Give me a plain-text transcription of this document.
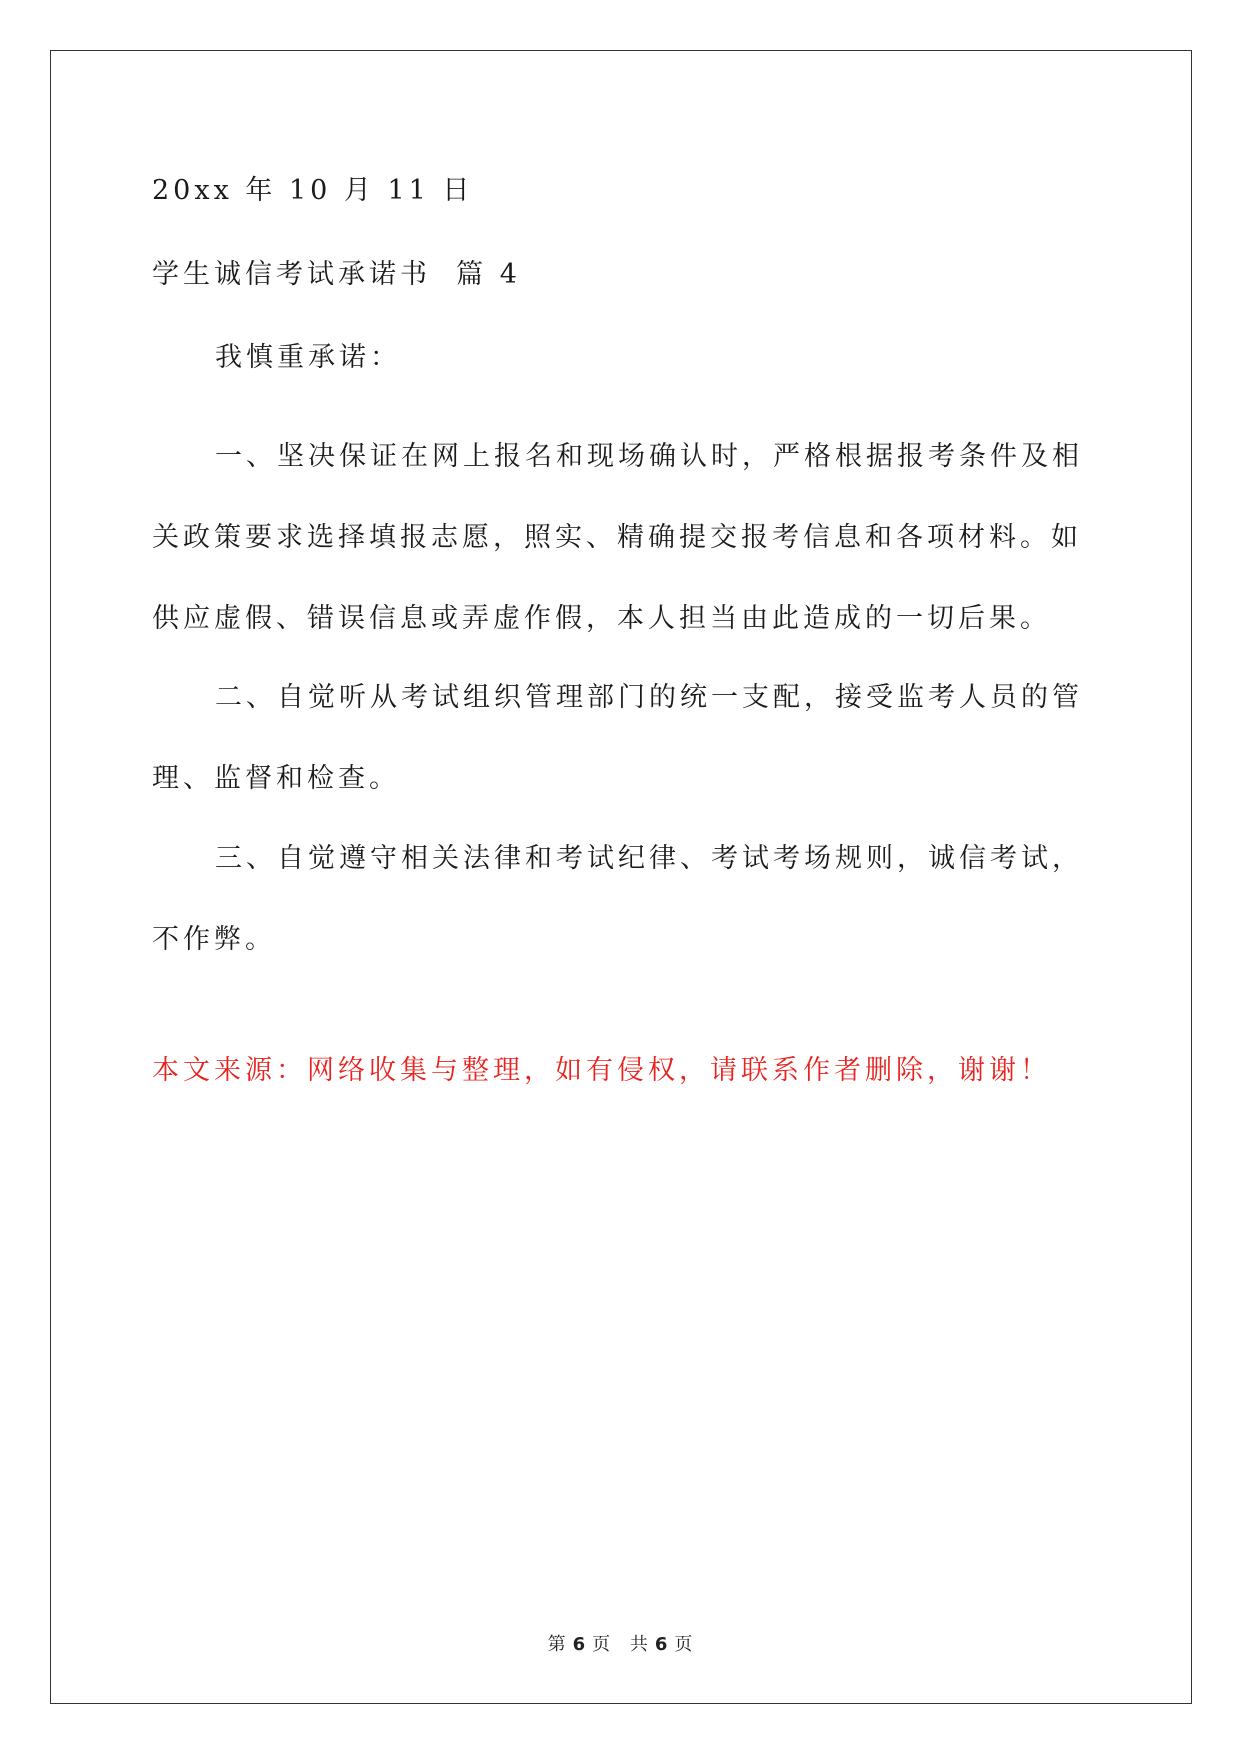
20xx 年 10 月 11 日

学生诚信考试承诺书  篇 4

我慎重承诺：

一、坚决保证在网上报名和现场确认时，严格根据报考条件及相关政策要求选择填报志愿，照实、精确提交报考信息和各项材料。如供应虚假、错误信息或弄虚作假，本人担当由此造成的一切后果。

二、自觉听从考试组织管理部门的统一支配，接受监考人员的管理、监督和检查。

三、自觉遵守相关法律和考试纪律、考试考场规则，诚信考试，不作弊。

本文来源：网络收集与整理，如有侵权，请联系作者删除，谢谢！

第 6 页 共 6 页
